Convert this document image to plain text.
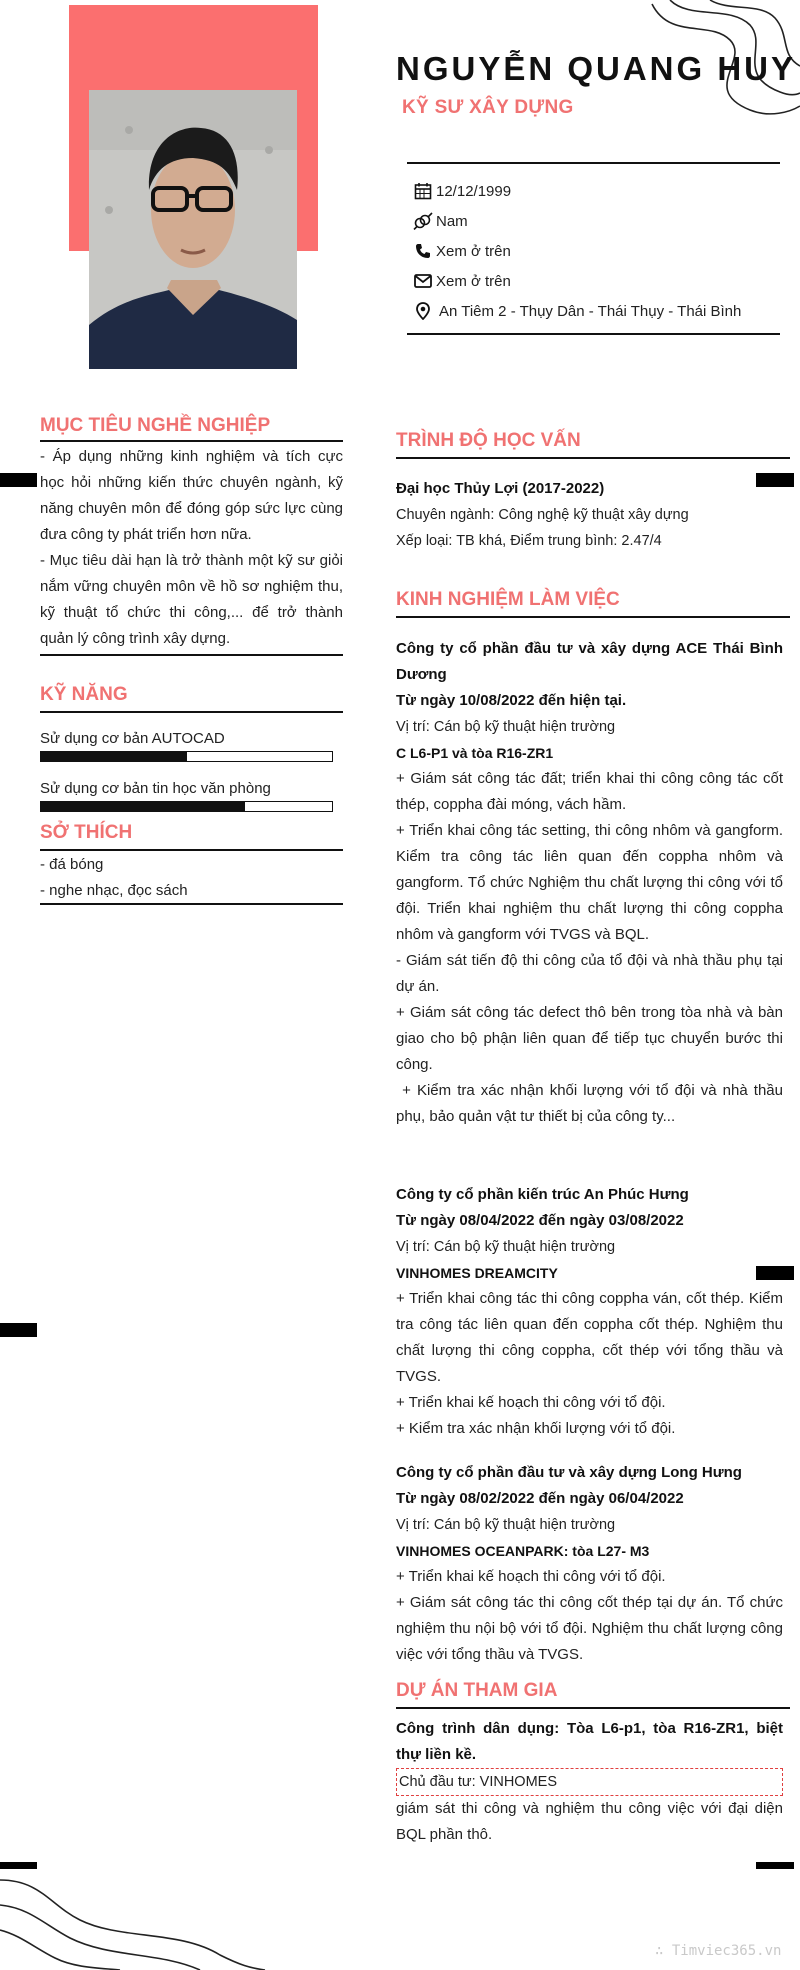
NGUYỄN QUANG HUY
KỸ SƯ XÂY DỰNG
12/12/1999
Nam
Xem ở trên
Xem ở trên
An Tiêm 2 - Thụy Dân - Thái Thụy - Thái Bình
MỤC TIÊU NGHỀ NGHIỆP

- Áp dụng những kinh nghiệm và tích cực học hỏi những kiến thức chuyên ngành, kỹ năng chuyên môn để đóng góp sức lực cùng đưa công ty phát triển hơn nữa.

- Mục tiêu dài hạn là trở thành một kỹ sư giỏi nắm vững chuyên môn về hồ sơ nghiệm thu, kỹ thuật tổ chức thi công,... để trở thành quản lý công trình xây dựng.

KỸ NĂNG
Sử dụng cơ bản AUTOCAD
Sử dụng cơ bản tin học văn phòng
SỞ THÍCH
- đá bóng
- nghe nhạc, đọc sách
TRÌNH ĐỘ HỌC VẤN
Đại học Thủy Lợi (2017-2022)
Chuyên ngành: Công nghệ kỹ thuật xây dựng
Xếp loại: TB khá, Điểm trung bình: 2.47/4
KINH NGHIỆM LÀM VIỆC

Công ty cổ phần đầu tư và xây dựng ACE Thái Bình Dương

Từ ngày 10/08/2022 đến hiện tại.
Vị trí: Cán bộ kỹ thuật hiện trường
C L6-P1 và tòa R16-ZR1

+ Giám sát công tác đất; triển khai thi công công tác cốt thép, coppha đài móng, vách hầm.

+ Triển khai công tác setting, thi công nhôm và gangform. Kiểm tra công tác liên quan đến coppha nhôm và gangform. Tổ chức Nghiệm thu chất lượng thi công với tổ đội. Triển khai nghiệm thu chất lượng thi công coppha nhôm và gangform với TVGS và BQL.

- Giám sát tiến độ thi công của tổ đội và nhà thầu phụ tại dự án.

+ Giám sát công tác defect thô bên trong tòa nhà và bàn giao cho bộ phận liên quan để tiếp tục chuyển bước thi công.

+ Kiểm tra xác nhận khối lượng với tổ đội và nhà thầu phụ, bảo quản vật tư thiết bị của công ty...

Công ty cổ phần kiến trúc An Phúc Hưng
Từ ngày 08/04/2022 đến ngày 03/08/2022
Vị trí: Cán bộ kỹ thuật hiện trường
VINHOMES DREAMCITY

+ Triển khai công tác thi công coppha ván, cốt thép. Kiểm tra công tác liên quan đến coppha cốt thép. Nghiệm thu chất lượng thi công coppha, cốt thép với tổng thầu và TVGS.

+ Triển khai kế hoạch thi công với tổ đội.

+ Kiểm tra xác nhận khối lượng với tổ đội.

Công ty cổ phần đầu tư và xây dựng Long Hưng
Từ ngày 08/02/2022 đến ngày 06/04/2022
Vị trí: Cán bộ kỹ thuật hiện trường
VINHOMES OCEANPARK: tòa L27- M3

+ Triển khai kế hoạch thi công với tổ đội.

+ Giám sát công tác thi công cốt thép tại dự án. Tổ chức nghiệm thu nội bộ với tổ đội. Nghiệm thu chất lượng công việc với tổng thầu và TVGS.

DỰ ÁN THAM GIA

Công trình dân dụng: Tòa L6-p1, tòa R16-ZR1, biệt thự liền kề.

Chủ đầu tư: VINHOMES

giám sát thi công và nghiệm thu công việc với đại diện BQL phần thô.

∴ Timviec365.vn
